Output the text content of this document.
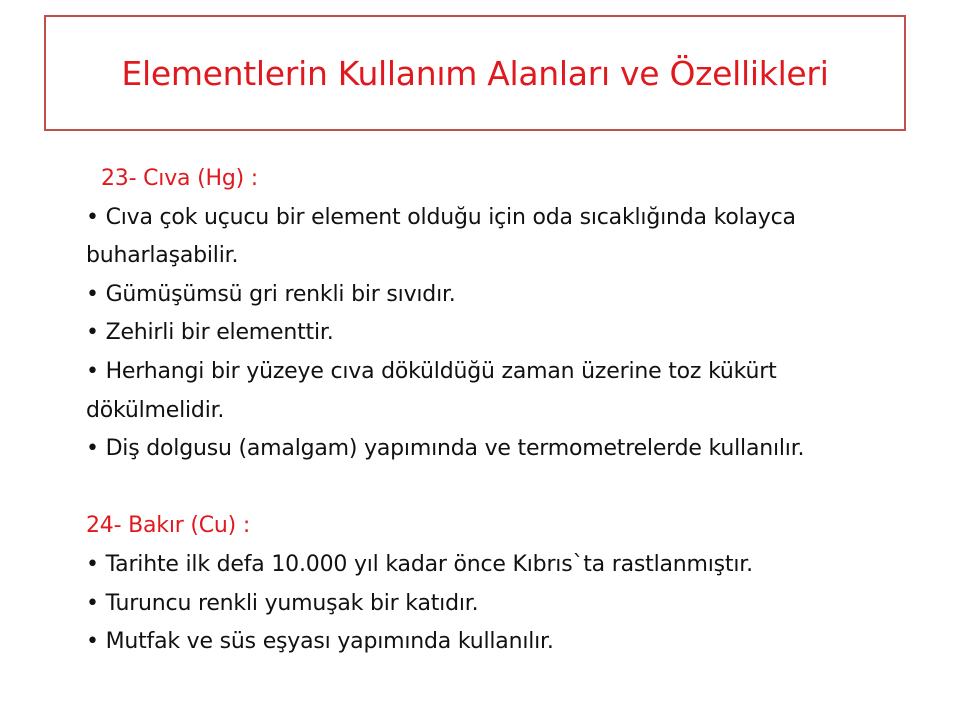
Elementlerin Kullanım Alanları ve Özellikleri

23- Cıva (Hg) :

• Cıva çok uçucu bir element olduğu için oda sıcaklığında kolayca buharlaşabilir.

• Gümüşümsü gri renkli bir sıvıdır.

• Zehirli bir elementtir.

• Herhangi bir yüzeye cıva döküldüğü zaman üzerine toz kükürt dökülmelidir.

• Diş dolgusu (amalgam) yapımında ve termometrelerde kullanılır.

24- Bakır (Cu) :

• Tarihte ilk defa 10.000 yıl kadar önce Kıbrıs`ta rastlanmıştır.

• Turuncu renkli yumuşak bir katıdır.

• Mutfak ve süs eşyası yapımında kullanılır.
